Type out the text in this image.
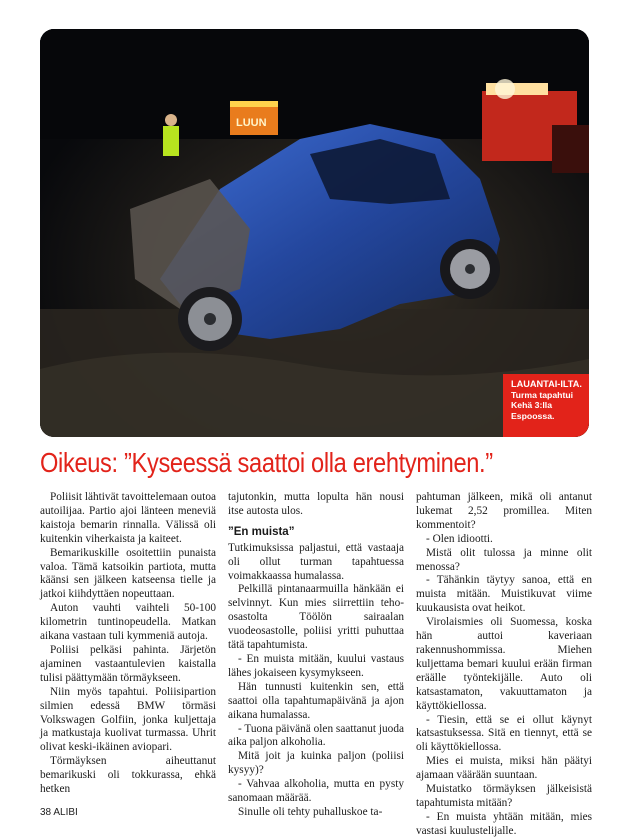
LUUN
LAUANTAI-ILTA.
Turma tapahtui Kehä 3:lla Espoossa.
Oikeus: ”Kyseessä saattoi olla erehtyminen.”

Poliisit lähtivät tavoittelemaan outoa autoilijaa. Partio ajoi länteen meneviä kaistoja bemarin rinnalla. Välissä oli kuitenkin viherkaista ja kaiteet.

Bemarikuskille osoitettiin punaista valoa. Tämä katsoikin partiota, mutta käänsi sen jälkeen katseensa tielle ja jatkoi kiihdyttäen nopeuttaan.

Auton vauhti vaihteli 50-100 kilometrin tuntinopeudella. Matkan aikana vastaan tuli kymmeniä autoja.

Poliisi pelkäsi pahinta. Järjetön ajaminen vastaantulevien kaistalla tulisi päättymään törmäykseen.

Niin myös tapahtui. Poliisipartion silmien edessä BMW törmäsi Volkswagen Golfiin, jonka kuljettaja ja matkustaja kuolivat turmassa. Uhrit olivat keski-ikäinen aviopari.

Törmäyksen aiheuttanut bemarikuski oli tokkurassa, ehkä hetken

tajutonkin, mutta lopulta hän nousi itse autosta ulos.

”En muista”

Tutkimuksissa paljastui, että vastaaja oli ollut turman tapahtuessa voimakkaassa humalassa.

Pelkillä pintanaarmuilla hänkään ei selvinnyt. Kun mies siirrettiin teho-osastolta Töölön sairaalan vuodeosastolle, poliisi yritti puhuttaa tätä tapahtumista.

- En muista mitään, kuului vastaus lähes jokaiseen kysymykseen.

Hän tunnusti kuitenkin sen, että saattoi olla tapahtumapäivänä ja ajon aikana humalassa.

- Tuona päivänä olen saattanut juoda aika paljon alkoholia.

Mitä joit ja kuinka paljon (poliisi kysyy)?

- Vahvaa alkoholia, mutta en pysty sanomaan määrää.

Sinulle oli tehty puhalluskoe ta-

pahtuman jälkeen, mikä oli antanut lukemat 2,52 promillea. Miten kommentoit?

- Olen idiootti.

Mistä olit tulossa ja minne olit menossa?

- Tähänkin täytyy sanoa, että en muista mitään. Muistikuvat viime kuukausista ovat heikot.

Virolaismies oli Suomessa, koska hän auttoi kaveriaan rakennushommissa. Miehen kuljettama bemari kuului erään firman eräälle työntekijälle. Auto oli katsastamaton, vakuuttamaton ja käyttökiellossa.

- Tiesin, että se ei ollut käynyt katsastuksessa. Sitä en tiennyt, että se oli käyttökiellossa.

Mies ei muista, miksi hän päätyi ajamaan väärään suuntaan.

Muistatko törmäyksen jälkeisistä tapahtumista mitään?

- En muista yhtään mitään, mies vastasi kuulustelijalle.

38 ALIBI
